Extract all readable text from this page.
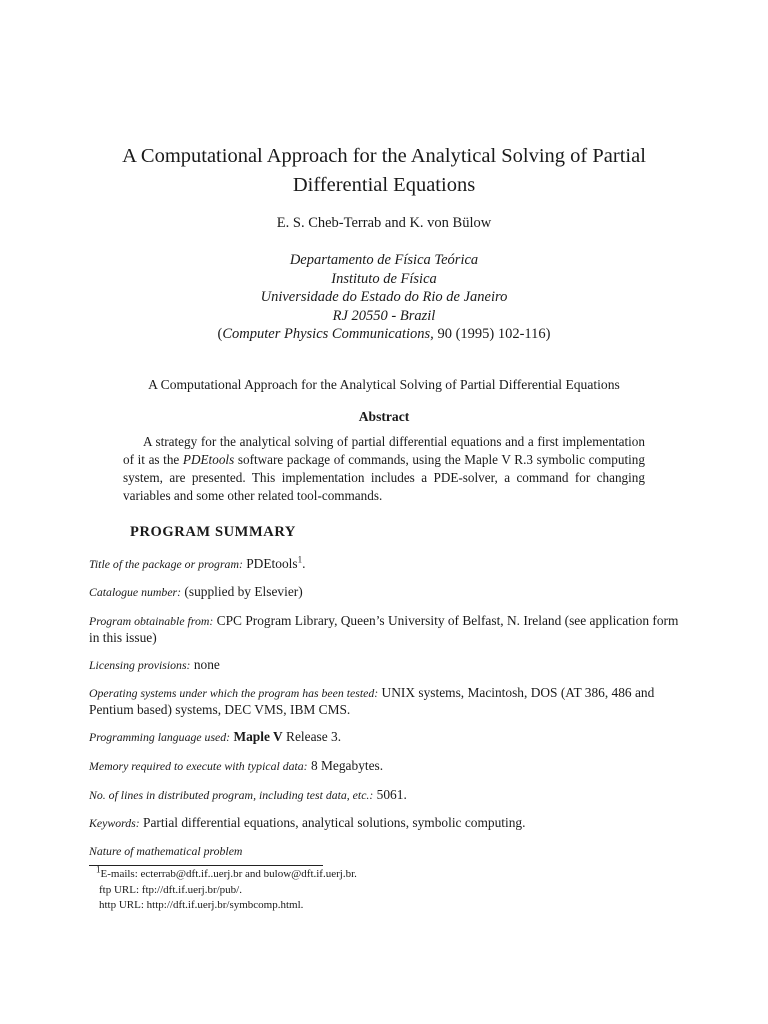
A Computational Approach for the Analytical Solving of Partial
Differential Equations
E. S. Cheb-Terrab and K. von Bülow
Departamento de Física Teórica
Instituto de Física
Universidade do Estado do Rio de Janeiro
RJ 20550 - Brazil
(Computer Physics Communications, 90 (1995) 102-116)
A Computational Approach for the Analytical Solving of Partial Differential Equations
Abstract
A strategy for the analytical solving of partial differential equations and a first implementation of it as the PDEtools software package of commands, using the Maple V R.3 symbolic computing system, are presented. This implementation includes a PDE-solver, a command for changing variables and some other related tool-commands.
PROGRAM SUMMARY

Title of the package or program: PDEtools$^1$.

Catalogue number: (supplied by Elsevier)

Program obtainable from: CPC Program Library, Queen’s University of Belfast, N. Ireland (see application form in this issue)

Licensing provisions: none

Operating systems under which the program has been tested: UNIX systems, Macintosh, DOS (AT 386, 486 and Pentium based) systems, DEC VMS, IBM CMS.

Programming language used: Maple V Release 3.

Memory required to execute with typical data: 8 Megabytes.

No. of lines in distributed program, including test data, etc.: 5061.

Keywords: Partial differential equations, analytical solutions, symbolic computing.

Nature of mathematical problem

$^1$E-mails: ecterrab@dft.if..uerj.br and bulow@dft.if.uerj.br.
ftp URL: ftp://dft.if.uerj.br/pub/.
http URL: http://dft.if.uerj.br/symbcomp.html.
